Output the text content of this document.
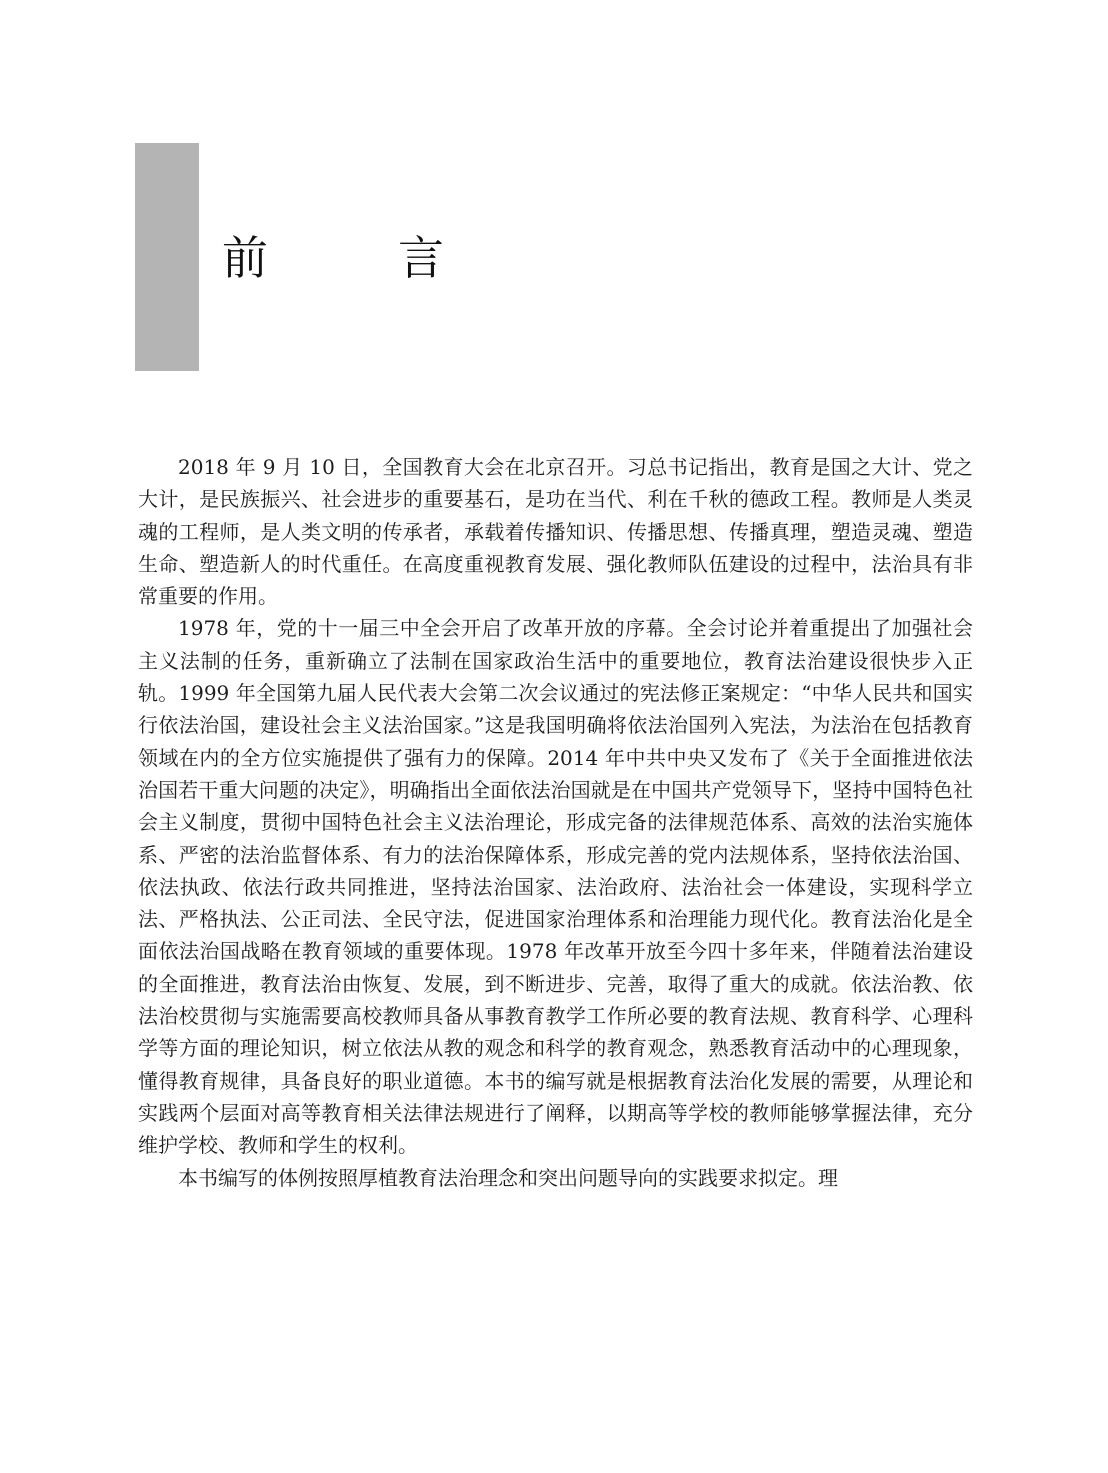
前　言

2018 年 9 月 10 日，全国教育大会在北京召开。习总书记指出，教育是国之大计、党之大计，是民族振兴、社会进步的重要基石，是功在当代、利在千秋的德政工程。教师是人类灵魂的工程师，是人类文明的传承者，承载着传播知识、传播思想、传播真理，塑造灵魂、塑造生命、塑造新人的时代重任。在高度重视教育发展、强化教师队伍建设的过程中，法治具有非常重要的作用。

1978 年，党的十一届三中全会开启了改革开放的序幕。全会讨论并着重提出了加强社会主义法制的任务，重新确立了法制在国家政治生活中的重要地位，教育法治建设很快步入正轨。1999 年全国第九届人民代表大会第二次会议通过的宪法修正案规定：“中华人民共和国实行依法治国，建设社会主义法治国家。”这是我国明确将依法治国列入宪法，为法治在包括教育领域在内的全方位实施提供了强有力的保障。2014 年中共中央又发布了《关于全面推进依法治国若干重大问题的决定》，明确指出全面依法治国就是在中国共产党领导下，坚持中国特色社会主义制度，贯彻中国特色社会主义法治理论，形成完备的法律规范体系、高效的法治实施体系、严密的法治监督体系、有力的法治保障体系，形成完善的党内法规体系，坚持依法治国、依法执政、依法行政共同推进，坚持法治国家、法治政府、法治社会一体建设，实现科学立法、严格执法、公正司法、全民守法，促进国家治理体系和治理能力现代化。教育法治化是全面依法治国战略在教育领域的重要体现。1978 年改革开放至今四十多年来，伴随着法治建设的全面推进，教育法治由恢复、发展，到不断进步、完善，取得了重大的成就。依法治教、依法治校贯彻与实施需要高校教师具备从事教育教学工作所必要的教育法规、教育科学、心理科学等方面的理论知识，树立依法从教的观念和科学的教育观念，熟悉教育活动中的心理现象，懂得教育规律，具备良好的职业道德。本书的编写就是根据教育法治化发展的需要，从理论和实践两个层面对高等教育相关法律法规进行了阐释，以期高等学校的教师能够掌握法律，充分维护学校、教师和学生的权利。

本书编写的体例按照厚植教育法治理念和突出问题导向的实践要求拟定。理
